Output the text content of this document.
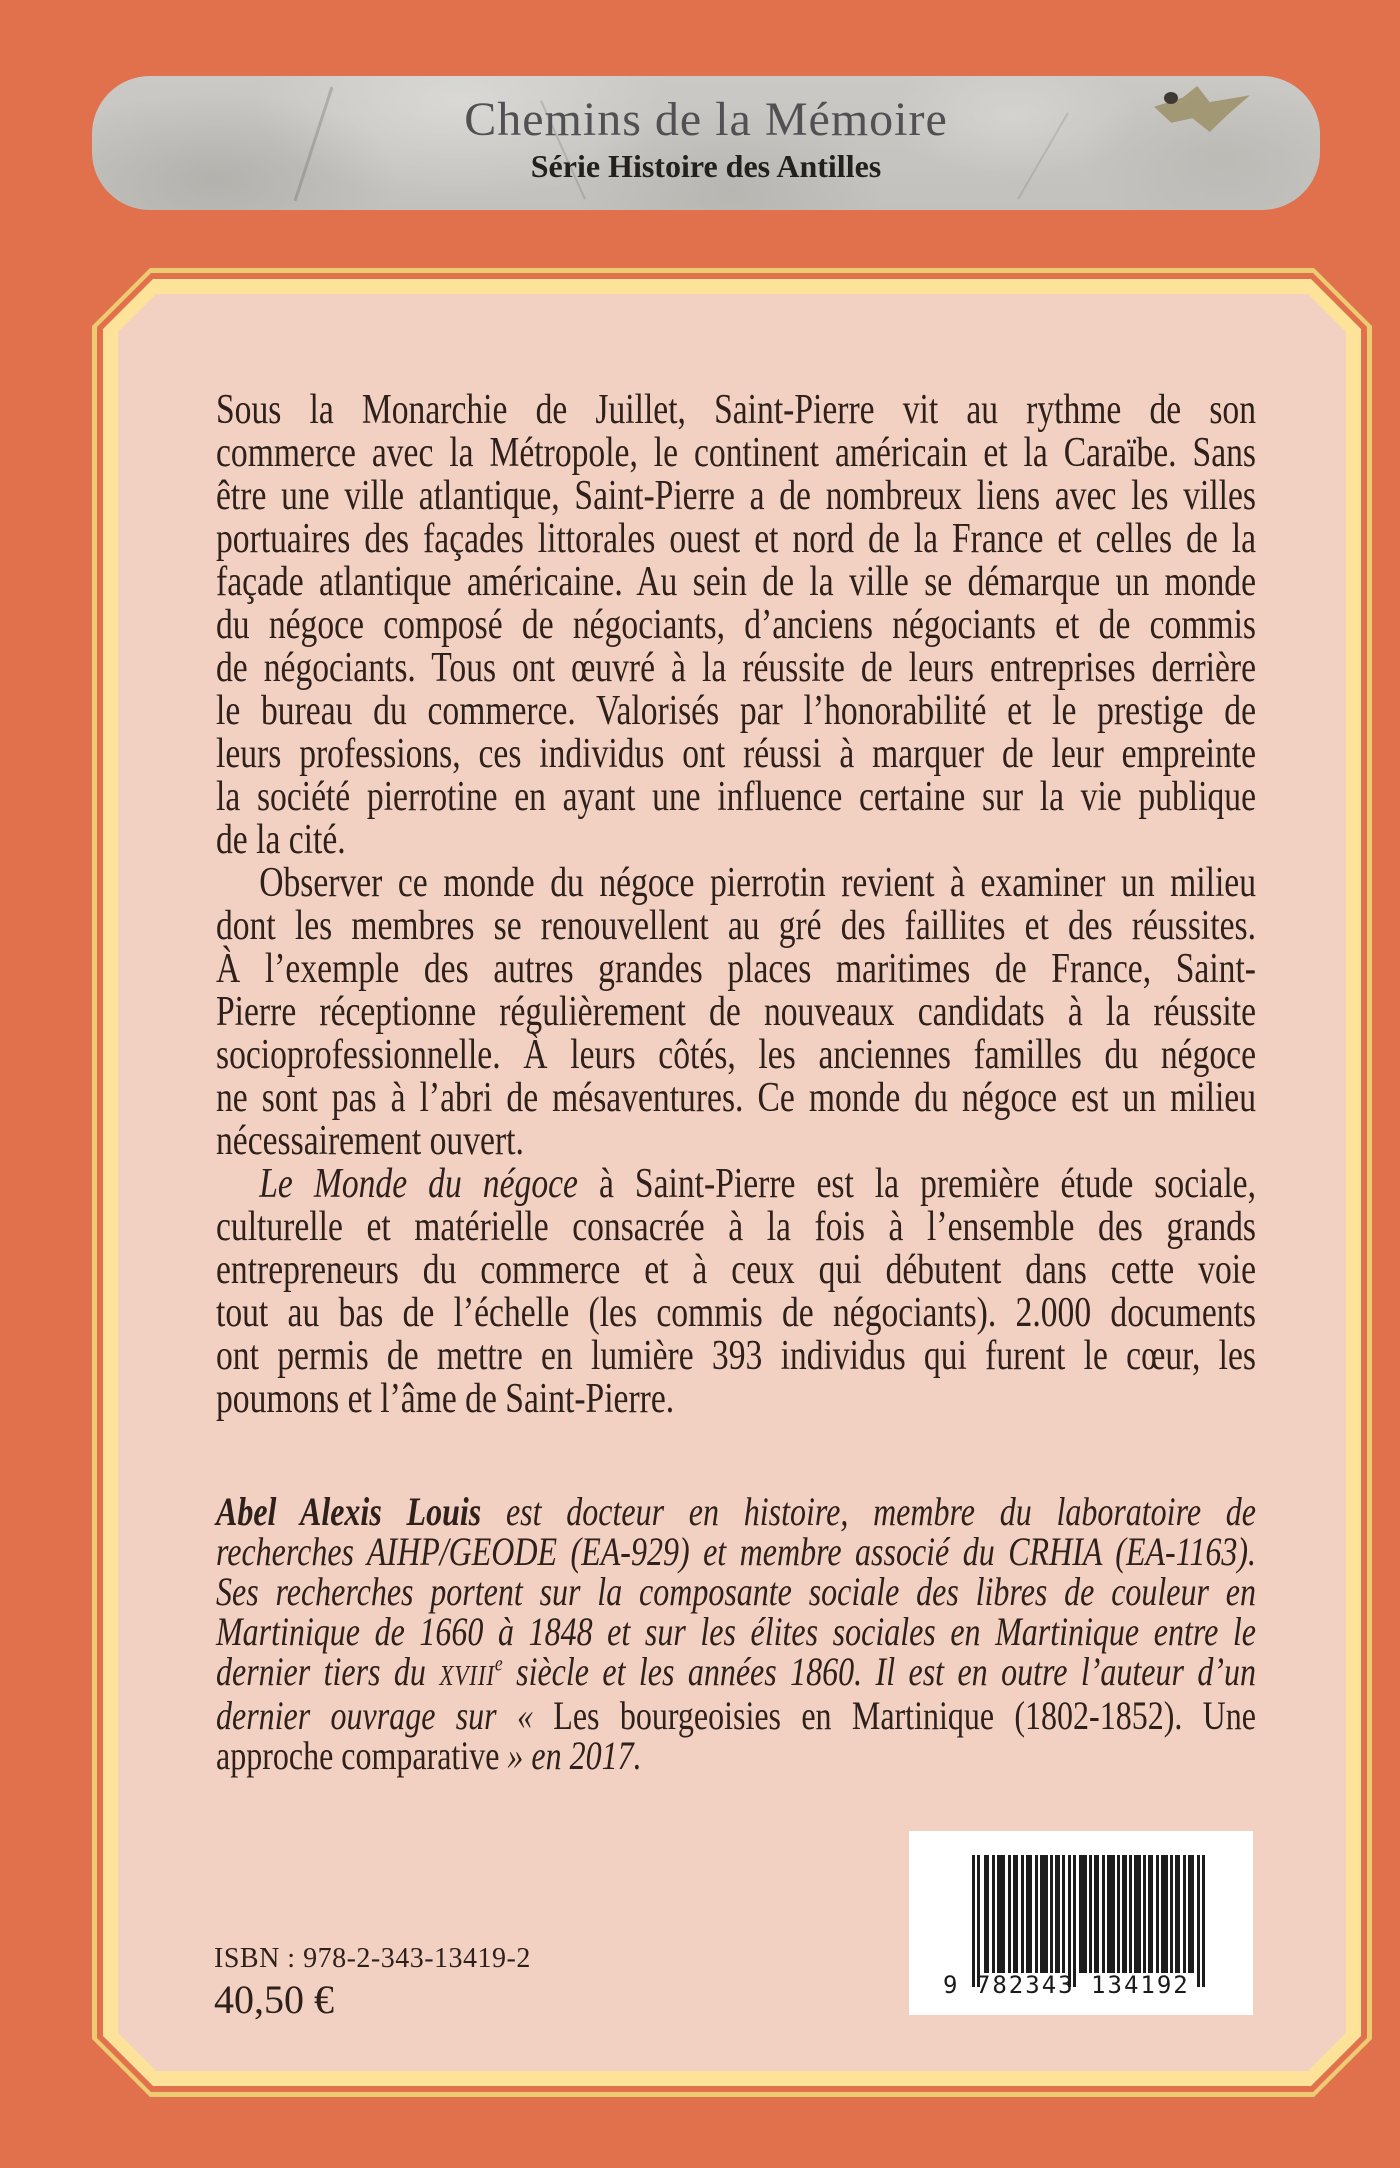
Chemins de la Mémoire
Série Histoire des Antilles
Sous la Monarchie de Juillet, Saint-Pierre vit au rythme de son
commerce avec la Métropole, le continent américain et la Caraïbe. Sans
être une ville atlantique, Saint-Pierre a de nombreux liens avec les villes
portuaires des façades littorales ouest et nord de la France et celles de la
façade atlantique américaine. Au sein de la ville se démarque un monde
du négoce composé de négociants, d’anciens négociants et de commis
de négociants. Tous ont œuvré à la réussite de leurs entreprises derrière
le bureau du commerce. Valorisés par l’honorabilité et le prestige de
leurs professions, ces individus ont réussi à marquer de leur empreinte
la société pierrotine en ayant une influence certaine sur la vie publique
de la cité.
Observer ce monde du négoce pierrotin revient à examiner un milieu
dont les membres se renouvellent au gré des faillites et des réussites.
À l’exemple des autres grandes places maritimes de France, Saint-
Pierre réceptionne régulièrement de nouveaux candidats à la réussite
socioprofessionnelle. À leurs côtés, les anciennes familles du négoce
ne sont pas à l’abri de mésaventures. Ce monde du négoce est un milieu
nécessairement ouvert.
Le Monde du négoce à Saint-Pierre est la première étude sociale,
culturelle et matérielle consacrée à la fois à l’ensemble des grands
entrepreneurs du commerce et à ceux qui débutent dans cette voie
tout au bas de l’échelle (les commis de négociants). 2.000 documents
ont permis de mettre en lumière 393 individus qui furent le cœur, les
poumons et l’âme de Saint-Pierre.
Abel Alexis Louis est docteur en histoire, membre du laboratoire de
recherches AIHP/GEODE (EA-929) et membre associé du CRHIA (EA-1163).
Ses recherches portent sur la composante sociale des libres de couleur en
Martinique de 1660 à 1848 et sur les élites sociales en Martinique entre le
dernier tiers du XVIIIe siècle et les années 1860. Il est en outre l’auteur d’un
dernier ouvrage sur « Les bourgeoisies en Martinique (1802-1852). Une
approche comparative » en 2017.
ISBN : 978-2-343-13419-2
40,50 €	9 782343 134192
